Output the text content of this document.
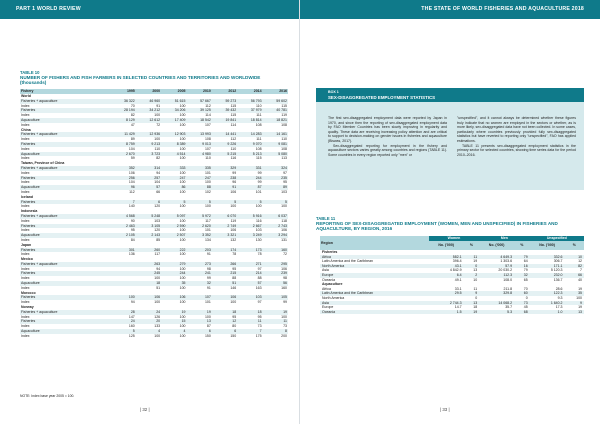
PART 1 WORLD REVIEW
TABLE 10
NUMBER OF FISHERS AND FISH FARMERS IN SELECTED COUNTRIES AND TERRITORIES AND WORLDWIDE (thousands)
Fishery	1995	2000	2005	2010	2012	2014	2016
World							
Fisheries + aquaculture	36 322	46 960	51 615	57 667	59 273	56 793	59 602
Index	70	91	100	112	115	110	115
Fisheries	28 194	34 212	34 206	39 125	39 432	37 979	40 781
Index	82	100	100	114	115	111	119
Aquaculture	8 129	12 612	17 409	18 542	19 841	18 814	18 821
Index	47	72	100	107	114	108	108
China							
Fisheries + aquaculture	11 429	12 936	12 903	13 993	14 441	14 283	14 161
Index	89	100	100	108	112	111	110
Fisheries	8 759	9 213	8 389	9 013	9 226	9 070	9 081
Index	104	110	100	107	110	108	108
Aquaculture	2 670	3 723	4 514	4 980	5 215	5 213	5 080
Index	59	82	100	110	116	115	113
Taiwan, Province of China							
Fisheries + aquaculture	352	314	333	335	329	331	324
Index	106	94	100	101	99	99	97
Fisheries	256	257	247	247	238	244	235
Index	104	104	100	100	96	99	95
Aquaculture	96	57	86	88	91	87	89
Index	112	66	100	102	106	101	103
Iceland							
Fisheries	7	6	5	5	5	5	5
Index	140	120	100	100	100	100	100
Indonesia							
Fisheries + aquaculture	4 568	5 248	5 097	5 972	6 070	5 916	6 037
Index	90	103	100	117	119	116	118
Fisheries	2 463	3 105	2 590	2 620	2 749	2 667	2 743
Index	95	120	100	101	106	103	106
Aquaculture	2 105	2 143	2 507	3 352	3 321	3 249	3 294
Index	84	85	100	134	132	130	131
Japan							
Fisheries	301	260	222	203	174	173	160
Index	136	117	100	91	78	78	72
Mexico							
Fisheries + aquaculture		263	279	273	266	271	295
Index		94	100	98	95	97	106
Fisheries		245	244	241	215	214	239
Index		100	100	99	88	88	98
Aquaculture		18	35	32	51	57	56
Index		51	100	91	146	163	160
Morocco							
Fisheries	100	106	106	107	106	103	105
Index	94	100	100	101	100	97	99
Norway							
Fisheries + aquaculture	28	24	19	19	18	18	19
Index	147	126	100	100	95	95	100
Fisheries	24	20	15	13	12	11	11
Index	160	133	100	87	80	73	73
Aquaculture	5	4	4	6	6	7	8
Index	125	100	100	150	150	175	200
NOTE: Index base year 2005 = 100.
| 32 |
THE STATE OF WORLD FISHERIES AND AQUACULTURE 2018
BOX 1
SEX-DISAGGREGATED EMPLOYMENT STATISTICS

The first sex-disaggregated employment data were reported by Japan in 1970, and since then the reporting of sex-disaggregated employment data by FAO Member Countries has been slowly improving in regularity and quality. These data are receiving increasing policy attention and are critical to support to decision-making on gender issues in fisheries and aquaculture (Biswas, 2017).

Sex-disaggregated reporting for employment in the fishery and aquaculture sectors varies greatly among countries and regions (TABLE 11). Some countries in every region reported only "men" or

"unspecified", and it cannot always be determined whether these figures truly indicate that no women are employed in the sectors or whether, as is more likely, sex-disaggregated data have not been collected. In some cases, particularly where countries previously provided fully sex-disaggregated statistics but have reverted to reporting only "unspecified", FAO has applied estimations.

TABLE 11 presents sex-disaggregated employment statistics in the primary sector for selected countries, showing time series data for the period 2010–2016.

TABLE 11
REPORTING OF SEX-DISAGGREGATED EMPLOYMENT (WOMEN, MEN AND UNSPECIFIED) IN FISHERIES AND AQUACULTURE, BY REGION, 2016
Region	Women		Men		Unspecified	
	No. ('000)	%	No. ('000)	%	No. ('000)	%
Fisheries						
Africa	582.1	11	4 649.3	79	332.6	10
Latin America and the Caribbean	396.4	19	1 303.6	64	306.7	12
North America	43.1	0	57.9	16	171.1	82
Asia	4 842.9	13	20 030.2	79	5 120.3	7
Europe	6.4	2	112.3	32	232.0	66
Oceania	49.1	10	108.0	65	136.7	40
Aquaculture						
Africa	33.1	11	211.8	70	28.6	19
Latin America and the Caribbean	29.5	9	329.8	60	122.3	35
North America		0		0	9.3	100
Asia	2 744.3	13	14 068.2	73	1 640.2	9
Europe	14.7	18	35.7	45	17.3	19
Oceania	1.5	19	5.3	68	1.0	13
| 33 |
